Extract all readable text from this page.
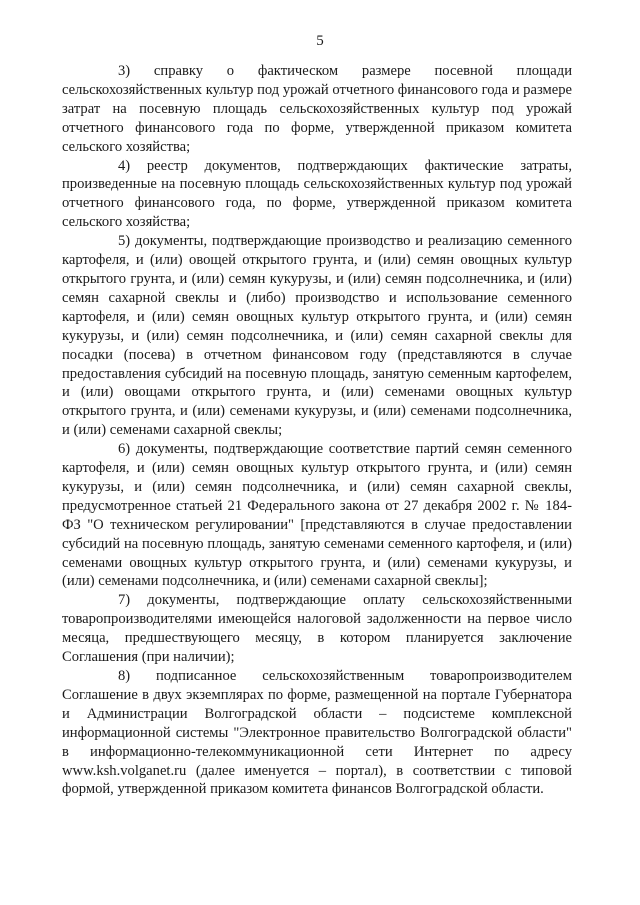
5

3) справку о фактическом размере посевной площади сельскохозяйственных культур под урожай отчетного финансового года и размере затрат на посевную площадь сельскохозяйственных культур под урожай отчетного финансового года по форме, утвержденной приказом комитета сельского хозяйства;

4) реестр документов, подтверждающих фактические затраты, произведенные на посевную площадь сельскохозяйственных культур под урожай отчетного финансового года, по форме, утвержденной приказом комитета сельского хозяйства;

5) документы, подтверждающие производство и реализацию семенного картофеля, и (или) овощей открытого грунта, и (или) семян овощных культур открытого грунта, и (или) семян кукурузы, и (или) семян подсолнечника, и (или) семян сахарной свеклы и (либо) производство и использование семенного картофеля, и (или) семян овощных культур открытого грунта, и (или) семян кукурузы, и (или) семян подсолнечника, и (или) семян сахарной свеклы для посадки (посева) в отчетном финансовом году (представляются в случае предоставления субсидий на посевную площадь, занятую семенным картофелем, и (или) овощами открытого грунта, и (или) семенами овощных культур открытого грунта, и (или) семенами кукурузы, и (или) семенами подсолнечника, и (или) семенами сахарной свеклы;

6) документы, подтверждающие соответствие партий семян семенного картофеля, и (или) семян овощных культур открытого грунта, и (или) семян кукурузы, и (или) семян подсолнечника, и (или) семян сахарной свеклы, предусмотренное статьей 21 Федерального закона от 27 декабря 2002 г. № 184-ФЗ "О техническом регулировании" [представляются в случае предоставлении субсидий на посевную площадь, занятую семенами семенного картофеля, и (или) семенами овощных культур открытого грунта, и (или) семенами кукурузы, и (или) семенами подсолнечника, и (или) семенами сахарной свеклы];

7) документы, подтверждающие оплату сельскохозяйственными товаропроизводителями имеющейся налоговой задолженности на первое число месяца, предшествующего месяцу, в котором планируется заключение Соглашения (при наличии);

8) подписанное сельскохозяйственным товаропроизводителем Соглашение в двух экземплярах по форме, размещенной на портале Губернатора и Администрации Волгоградской области – подсистеме комплексной информационной системы "Электронное правительство Волгоградской области" в информационно-телекоммуникационной сети Интернет по адресу www.ksh.volganet.ru (далее именуется – портал), в соответствии с типовой формой, утвержденной приказом комитета финансов Волгоградской области.
